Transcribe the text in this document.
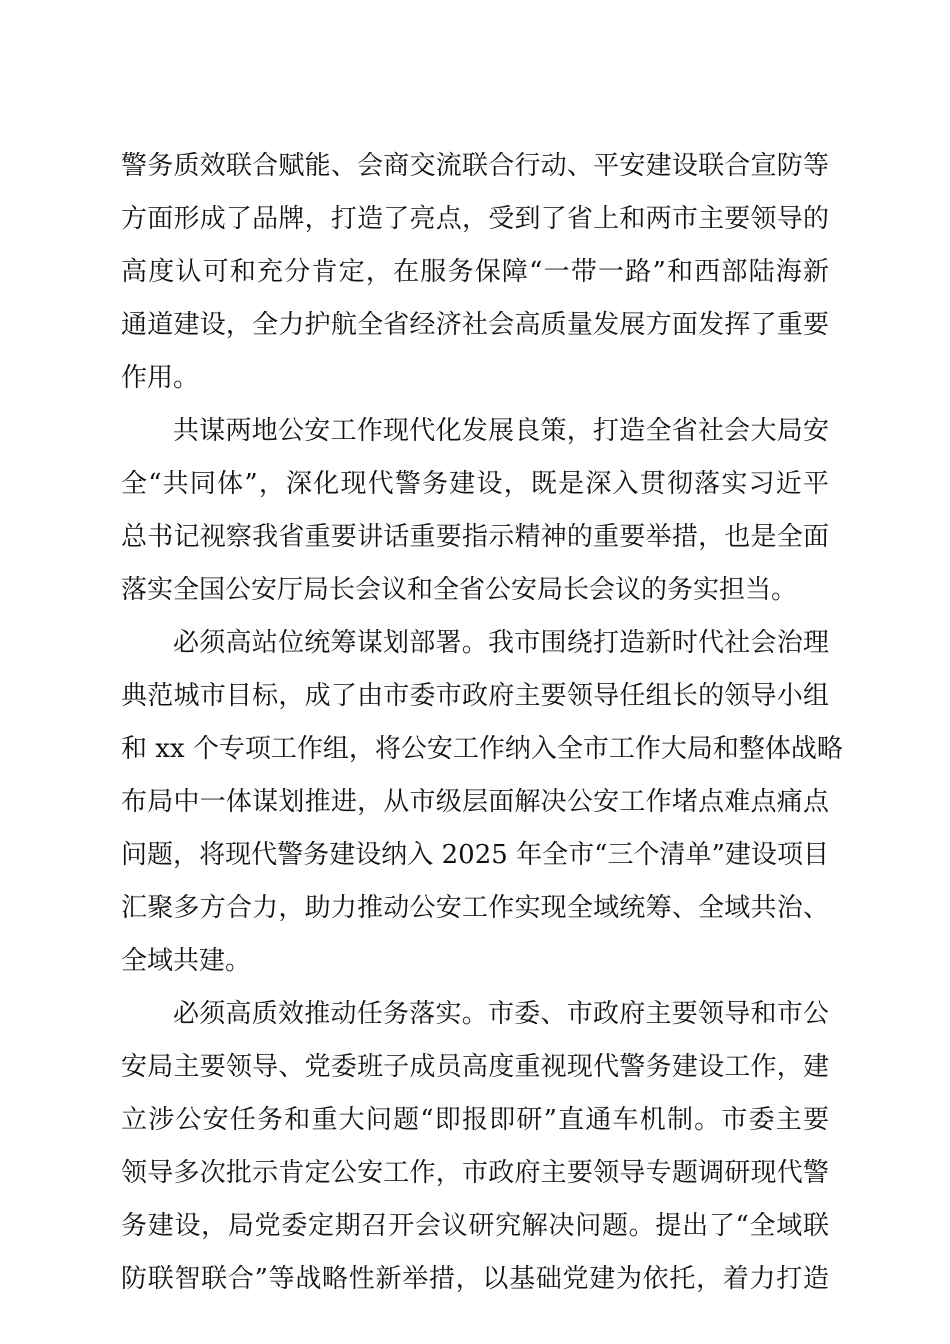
警务质效联合赋能、会商交流联合行动、平安建设联合宣防等
方面形成了品牌，打造了亮点，受到了省上和两市主要领导的
高度认可和充分肯定，在服务保障“一带一路”和西部陆海新
通道建设，全力护航全省经济社会高质量发展方面发挥了重要
作用。
共谋两地公安工作现代化发展良策，打造全省社会大局安
全“共同体”，深化现代警务建设，既是深入贯彻落实习近平
总书记视察我省重要讲话重要指示精神的重要举措，也是全面
落实全国公安厅局长会议和全省公安局长会议的务实担当。
必须高站位统筹谋划部署。我市围绕打造新时代社会治理
典范城市目标，成了由市委市政府主要领导任组长的领导小组
和 xx 个专项工作组，将公安工作纳入全市工作大局和整体战略
布局中一体谋划推进，从市级层面解决公安工作堵点难点痛点
问题，将现代警务建设纳入 2025 年全市“三个清单”建设项目
汇聚多方合力，助力推动公安工作实现全域统筹、全域共治、
全域共建。
必须高质效推动任务落实。市委、市政府主要领导和市公
安局主要领导、党委班子成员高度重视现代警务建设工作，建
立涉公安任务和重大问题“即报即研”直通车机制。市委主要
领导多次批示肯定公安工作，市政府主要领导专题调研现代警
务建设，局党委定期召开会议研究解决问题。提出了“全域联
防联智联合”等战略性新举措，以基础党建为依托，着力打造
